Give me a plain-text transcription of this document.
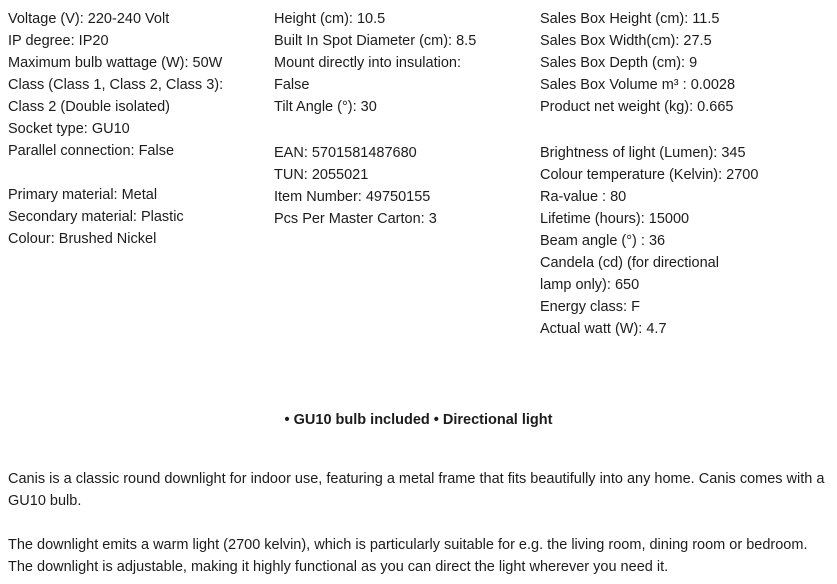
Voltage (V): 220-240 Volt
IP degree: IP20
Maximum bulb wattage (W): 50W
Class (Class 1, Class 2, Class 3):
Class 2 (Double isolated)
Socket type: GU10
Parallel connection: False
Primary material: Metal
Secondary material: Plastic
Colour: Brushed Nickel
Height (cm): 10.5
Built In Spot Diameter (cm): 8.5
Mount directly into insulation:
False
Tilt Angle (°): 30
EAN: 5701581487680
TUN: 2055021
Item Number: 49750155
Pcs Per Master Carton: 3
Sales Box Height (cm): 11.5
Sales Box Width(cm): 27.5
Sales Box Depth (cm): 9
Sales Box Volume m³ : 0.0028
Product net weight (kg): 0.665
Brightness of light (Lumen): 345
Colour temperature (Kelvin): 2700
Ra-value : 80
Lifetime (hours): 15000
Beam angle (°) : 36
Candela (cd) (for directional
lamp only): 650
Energy class: F
Actual watt (W): 4.7
• GU10 bulb included • Directional light

Canis is a classic round downlight for indoor use, featuring a metal frame that fits beautifully into any home. Canis comes with a GU10 bulb.

The downlight emits a warm light (2700 kelvin), which is particularly suitable for e.g. the living room, dining room or bedroom. The downlight is adjustable, making it highly functional as you can direct the light wherever you need it.
